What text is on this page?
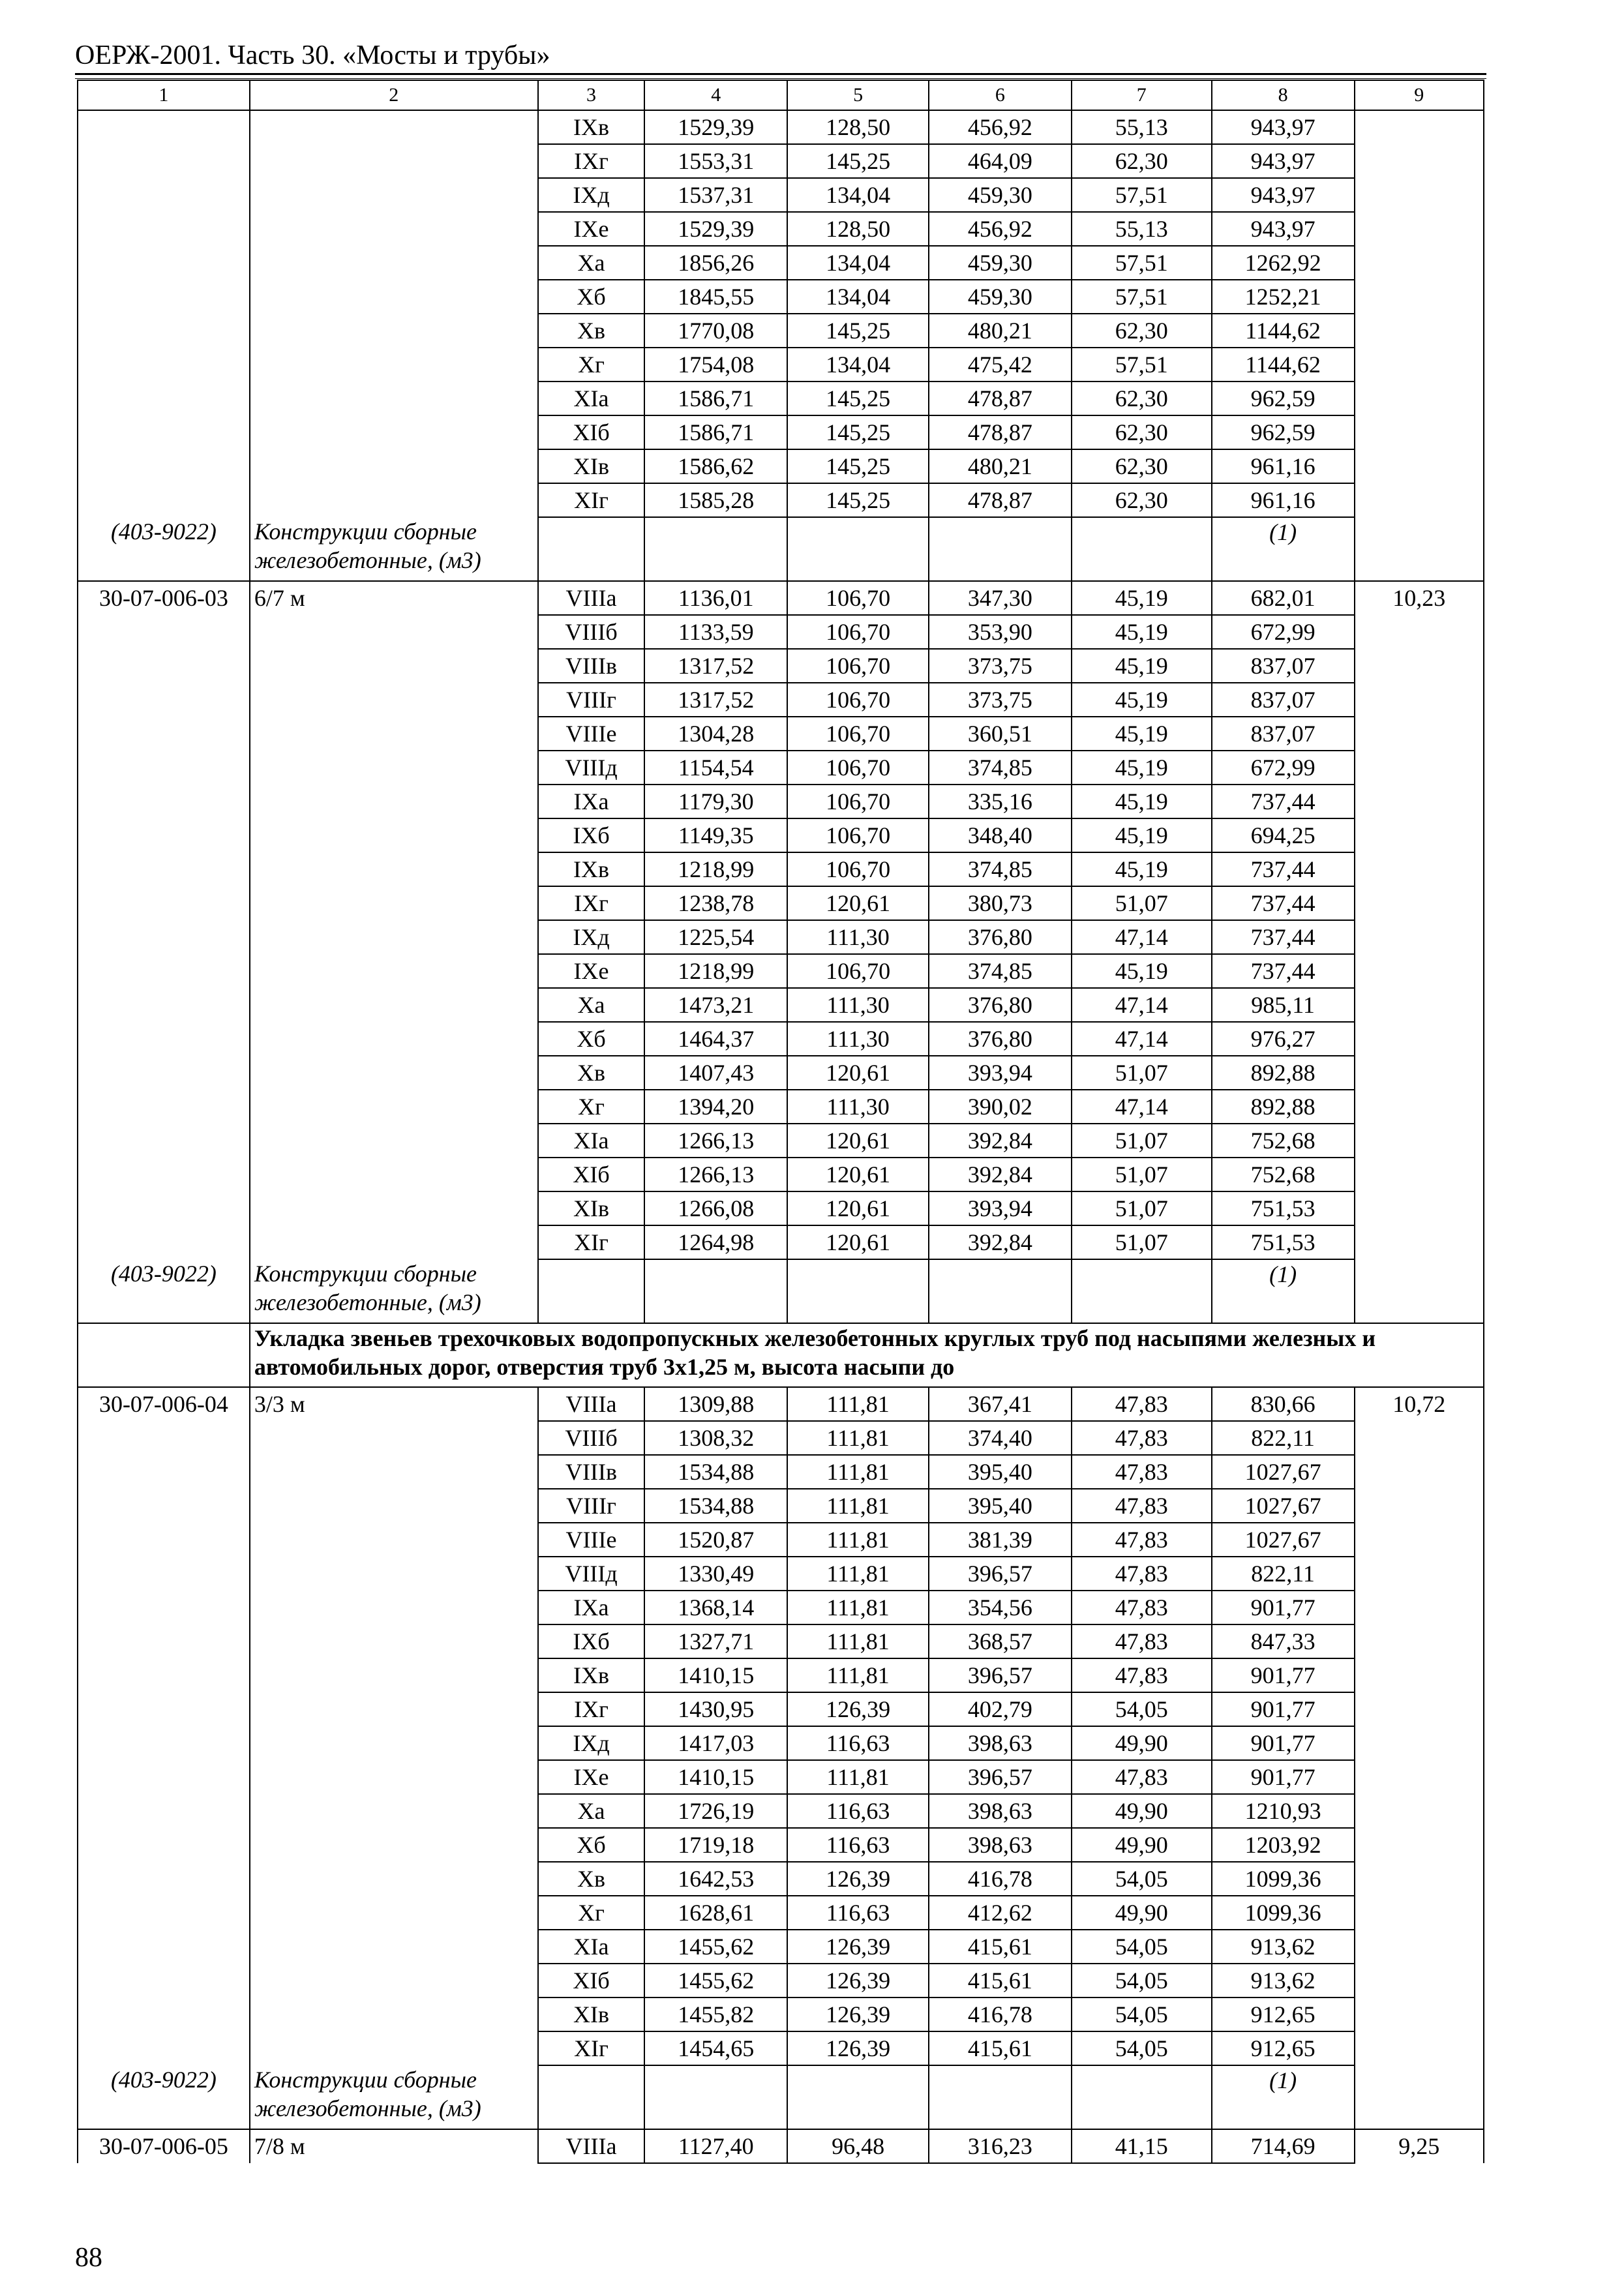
ОЕРЖ-2001. Часть 30. «Мосты и трубы»
1	2	3	4	5	6	7	8	9
		IXв	1529,39	128,50	456,92	55,13	943,97	
		IXг	1553,31	145,25	464,09	62,30	943,97	
		IXд	1537,31	134,04	459,30	57,51	943,97	
		IXе	1529,39	128,50	456,92	55,13	943,97	
		Xа	1856,26	134,04	459,30	57,51	1262,92	
		Xб	1845,55	134,04	459,30	57,51	1252,21	
		Xв	1770,08	145,25	480,21	62,30	1144,62	
		Xг	1754,08	134,04	475,42	57,51	1144,62	
		XIа	1586,71	145,25	478,87	62,30	962,59	
		XIб	1586,71	145,25	478,87	62,30	962,59	
		XIв	1586,62	145,25	480,21	62,30	961,16	
		XIг	1585,28	145,25	478,87	62,30	961,16	
(403-9022)	Конструкции сборные железобетонные, (м3)						(1)	
30-07-006-03	6/7 м	VIIIа	1136,01	106,70	347,30	45,19	682,01	10,23
		VIIIб	1133,59	106,70	353,90	45,19	672,99	
		VIIIв	1317,52	106,70	373,75	45,19	837,07	
		VIIIг	1317,52	106,70	373,75	45,19	837,07	
		VIIIе	1304,28	106,70	360,51	45,19	837,07	
		VIIIд	1154,54	106,70	374,85	45,19	672,99	
		IXа	1179,30	106,70	335,16	45,19	737,44	
		IXб	1149,35	106,70	348,40	45,19	694,25	
		IXв	1218,99	106,70	374,85	45,19	737,44	
		IXг	1238,78	120,61	380,73	51,07	737,44	
		IXд	1225,54	111,30	376,80	47,14	737,44	
		IXе	1218,99	106,70	374,85	45,19	737,44	
		Xа	1473,21	111,30	376,80	47,14	985,11	
		Xб	1464,37	111,30	376,80	47,14	976,27	
		Xв	1407,43	120,61	393,94	51,07	892,88	
		Xг	1394,20	111,30	390,02	47,14	892,88	
		XIа	1266,13	120,61	392,84	51,07	752,68	
		XIб	1266,13	120,61	392,84	51,07	752,68	
		XIв	1266,08	120,61	393,94	51,07	751,53	
		XIг	1264,98	120,61	392,84	51,07	751,53	
(403-9022)	Конструкции сборные железобетонные, (м3)						(1)	
	Укладка звеньев трехочковых водопропускных железобетонных круглых труб под насыпями железных и автомобильных дорог, отверстия труб 3х1,25 м, высота насыпи до							
30-07-006-04	3/3 м	VIIIа	1309,88	111,81	367,41	47,83	830,66	10,72
		VIIIб	1308,32	111,81	374,40	47,83	822,11	
		VIIIв	1534,88	111,81	395,40	47,83	1027,67	
		VIIIг	1534,88	111,81	395,40	47,83	1027,67	
		VIIIе	1520,87	111,81	381,39	47,83	1027,67	
		VIIIд	1330,49	111,81	396,57	47,83	822,11	
		IXа	1368,14	111,81	354,56	47,83	901,77	
		IXб	1327,71	111,81	368,57	47,83	847,33	
		IXв	1410,15	111,81	396,57	47,83	901,77	
		IXг	1430,95	126,39	402,79	54,05	901,77	
		IXд	1417,03	116,63	398,63	49,90	901,77	
		IXе	1410,15	111,81	396,57	47,83	901,77	
		Xа	1726,19	116,63	398,63	49,90	1210,93	
		Xб	1719,18	116,63	398,63	49,90	1203,92	
		Xв	1642,53	126,39	416,78	54,05	1099,36	
		Xг	1628,61	116,63	412,62	49,90	1099,36	
		XIа	1455,62	126,39	415,61	54,05	913,62	
		XIб	1455,62	126,39	415,61	54,05	913,62	
		XIв	1455,82	126,39	416,78	54,05	912,65	
		XIг	1454,65	126,39	415,61	54,05	912,65	
(403-9022)	Конструкции сборные железобетонные, (м3)						(1)	
30-07-006-05	7/8 м	VIIIа	1127,40	96,48	316,23	41,15	714,69	9,25
88
